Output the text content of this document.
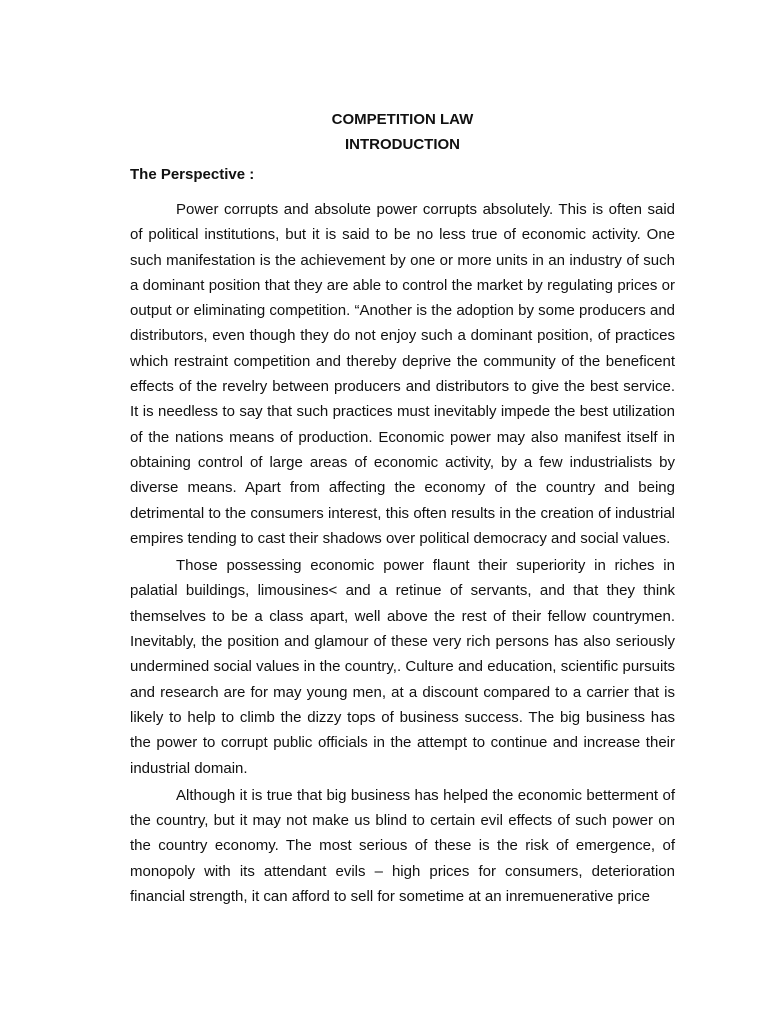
COMPETITION LAW

INTRODUCTION

The Perspective :

Power corrupts and absolute power corrupts absolutely. This is often said of political institutions, but it is said to be no less true of economic activity. One such manifestation is the achievement by one or more units in an industry of such a dominant position that they are able to control the market by regulating prices or output or eliminating competition. “Another is the adoption by some producers and distributors, even though they do not enjoy such a dominant position, of practices which restraint competition and thereby deprive the community of the beneficent effects of the revelry between producers and distributors to give the best service. It is needless to say that such practices must inevitably impede the best utilization of the nations means of production. Economic power may also manifest itself in obtaining control of large areas of economic activity, by a few industrialists by diverse means. Apart from affecting the economy of the country and being detrimental to the consumers interest, this often results in the creation of industrial empires tending to cast their shadows over political democracy and social values.

Those possessing economic power flaunt their superiority in riches in palatial buildings, limousines< and a retinue of servants, and that they think themselves to be a class apart, well above the rest of their fellow countrymen. Inevitably, the position and glamour of these very rich persons has also seriously undermined social values in the country,. Culture and education, scientific pursuits and research are for may young men, at a discount compared to a carrier that is likely to help to climb the dizzy tops of business success. The big business has the power to corrupt public officials in the attempt to continue and increase their industrial domain.

Although it is true that big business has helped the economic betterment of the country, but it may not make us blind to certain evil effects of such power on the country economy. The most serious of these is the risk of emergence, of monopoly with its attendant evils – high prices for consumers, deterioration financial strength, it can afford to sell for sometime at an inremuenerative price
